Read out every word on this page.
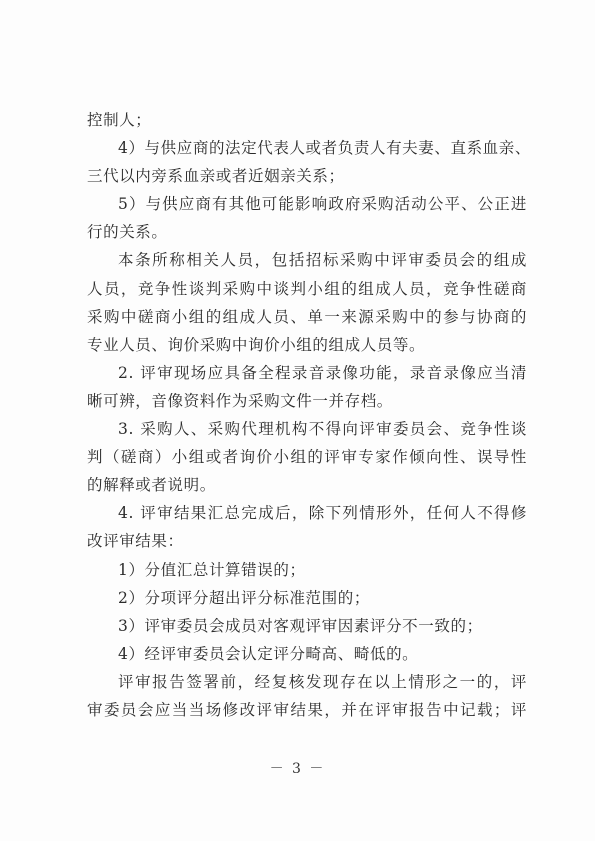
控制人；
4）与供应商的法定代表人或者负责人有夫妻、直系血亲、
三代以内旁系血亲或者近姻亲关系；
5）与供应商有其他可能影响政府采购活动公平、公正进
行的关系。
本条所称相关人员，包括招标采购中评审委员会的组成
人员，竞争性谈判采购中谈判小组的组成人员，竞争性磋商
采购中磋商小组的组成人员、单一来源采购中的参与协商的
专业人员、询价采购中询价小组的组成人员等。
2. 评审现场应具备全程录音录像功能，录音录像应当清
晰可辨，音像资料作为采购文件一并存档。
3. 采购人、采购代理机构不得向评审委员会、竞争性谈
判（磋商）小组或者询价小组的评审专家作倾向性、误导性
的解释或者说明。
4. 评审结果汇总完成后，除下列情形外，任何人不得修
改评审结果：
1）分值汇总计算错误的；
2）分项评分超出评分标准范围的；
3）评审委员会成员对客观评审因素评分不一致的；
4）经评审委员会认定评分畸高、畸低的。
评审报告签署前，经复核发现存在以上情形之一的，评
审委员会应当当场修改评审结果，并在评审报告中记载；评
－ 3 －
